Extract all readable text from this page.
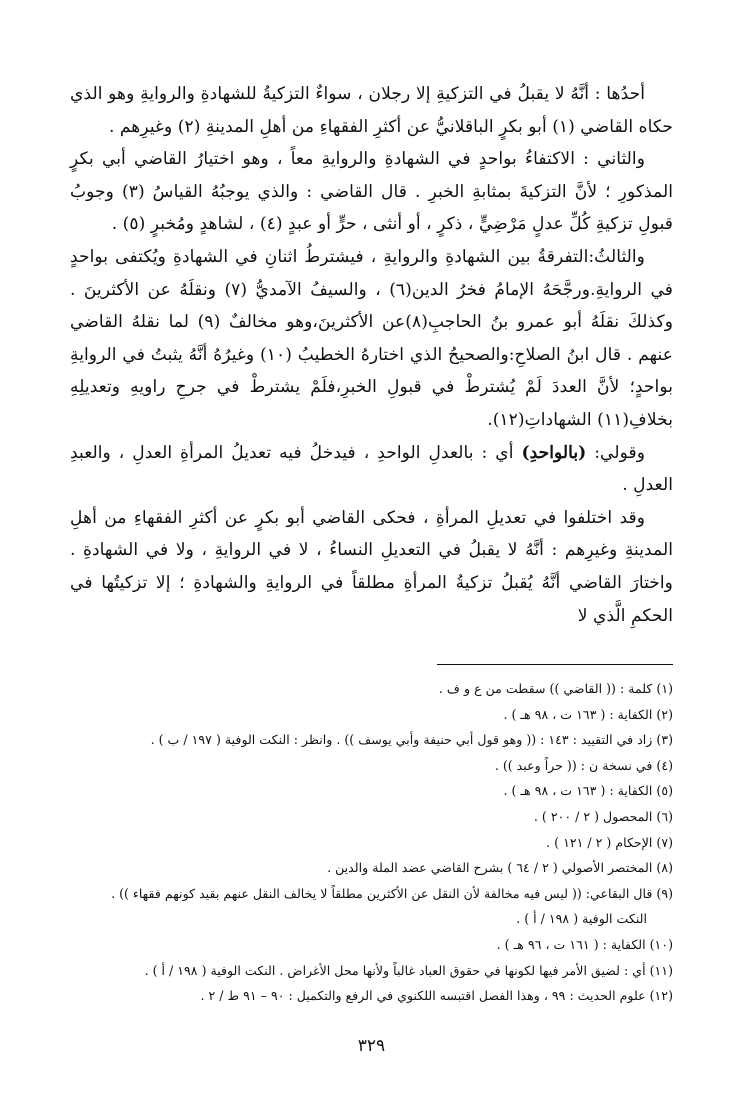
أحدُها : أنَّهُ لا يقبلُ في التزكيةِ إلا رجلان ، سواءٌ التزكيةُ للشهادةِ والروايةِ وهو الذي حكاه القاضي (١) أبو بكرٍ الباقلانيُّ عن أكثرِ الفقهاءِ من أهلِ المدينةِ (٢) وغيرِهم .

والثاني : الاكتفاءُ بواحدٍ في الشهادةِ والروايةِ معاً ، وهو اختيارُ القاضي أبي بكرٍ المذكورِ ؛ لأنَّ التزكيةَ بمثابةِ الخبرِ . قال القاضي : والذي يوجبُهُ القياسُ (٣) وجوبُ قبولِ تزكيةِ كُلِّ عدلٍ مَرْضِيٍّ ، ذكرٍ ، أو أنثى ، حرٍّ أو عبدٍ (٤) ، لشاهدٍ ومُخبرٍ (٥) .

والثالثُ:التفرقةُ بين الشهادةِ والروايةِ ، فيشترطُ اثنانِ في الشهادةِ ويُكتفى بواحدٍ في الروايةِ.ورجَّحَهُ الإمامُ فخرُ الدين(٦) ، والسيفُ الآمديُّ (٧) ونقلَهُ عن الأكثرينَ . وكذلكَ نقلَهُ أبو عمرو بنُ الحاجبِ(٨)عن الأكثرينَ،وهو مخالفٌ (٩) لما نقلهُ القاضي عنهم . قال ابنُ الصلاحِ:والصحيحُ الذي اختارهُ الخطيبُ (١٠) وغيرُهُ أنَّهُ يثبتُ في الروايةِ بواحدٍ؛ لأنَّ العددَ لَمْ يُشترطْ في قبولِ الخبرِ،فلَمْ يشترطْ في جرحِ راويهِ وتعديلِهِ بخلافِ(١١) الشهاداتِ(١٢).

وقولي: (بالواحدِ) أي : بالعدلِ الواحدِ ، فيدخلُ فيه تعديلُ المرأةِ العدلِ ، والعبدِ العدلِ .

وقد اختلفوا في تعديلِ المرأةِ ، فحكى القاضي أبو بكرٍ عن أكثرِ الفقهاءِ من أهلِ المدينةِ وغيرِهم : أنَّهُ لا يقبلُ في التعديلِ النساءُ ، لا في الروايةِ ، ولا في الشهادةِ . واختارَ القاضي أنَّهُ يُقبلُ تزكيةُ المرأةِ مطلقاً في الروايةِ والشهادةِ ؛ إلا تزكيتُها في الحكمِ الَّذي لا

(١) كلمة : (( القاضي )) سقطت من ع و ف .

(٢) الكفاية : ( ١٦٣ ت ، ٩٨ هـ ) .

(٣) زاد في التقييد : ١٤٣ : (( وهو قول أبي حنيفة وأبي يوسف )) . وانظر : النكت الوفية ( ١٩٧ / ب ) .

(٤) في نسخة ن : (( حراً وعبد )) .

(٥) الكفاية : ( ١٦٣ ت ، ٩٨ هـ ) .

(٦) المحصول ( ٢ / ٢٠٠ ) .

(٧) الإحكام ( ٢ / ١٢١ ) .

(٨) المختصر الأصولي ( ٢ / ٦٤ ) بشرح القاضي عضد الملة والدين .

(٩) قال البقاعي: (( ليس فيه مخالفة لأن النقل عن الأكثرين مطلقاً لا يخالف النقل عنهم بقيد كونهم فقهاء )) .

النكت الوفية ( ١٩٨ / أ ) .

(١٠) الكفاية : ( ١٦١ ت ، ٩٦ هـ ) .

(١١) أي : لضيق الأمر فيها لكونها في حقوق العباد غالباً ولأنها محل الأغراض . النكت الوفية ( ١٩٨ / أ ) .

(١٢) علوم الحديث : ٩٩ ، وهذا الفصل اقتبسه اللكنوي في الرفع والتكميل : ٩٠ – ٩١ ط / ٢ .

٣٢٩
